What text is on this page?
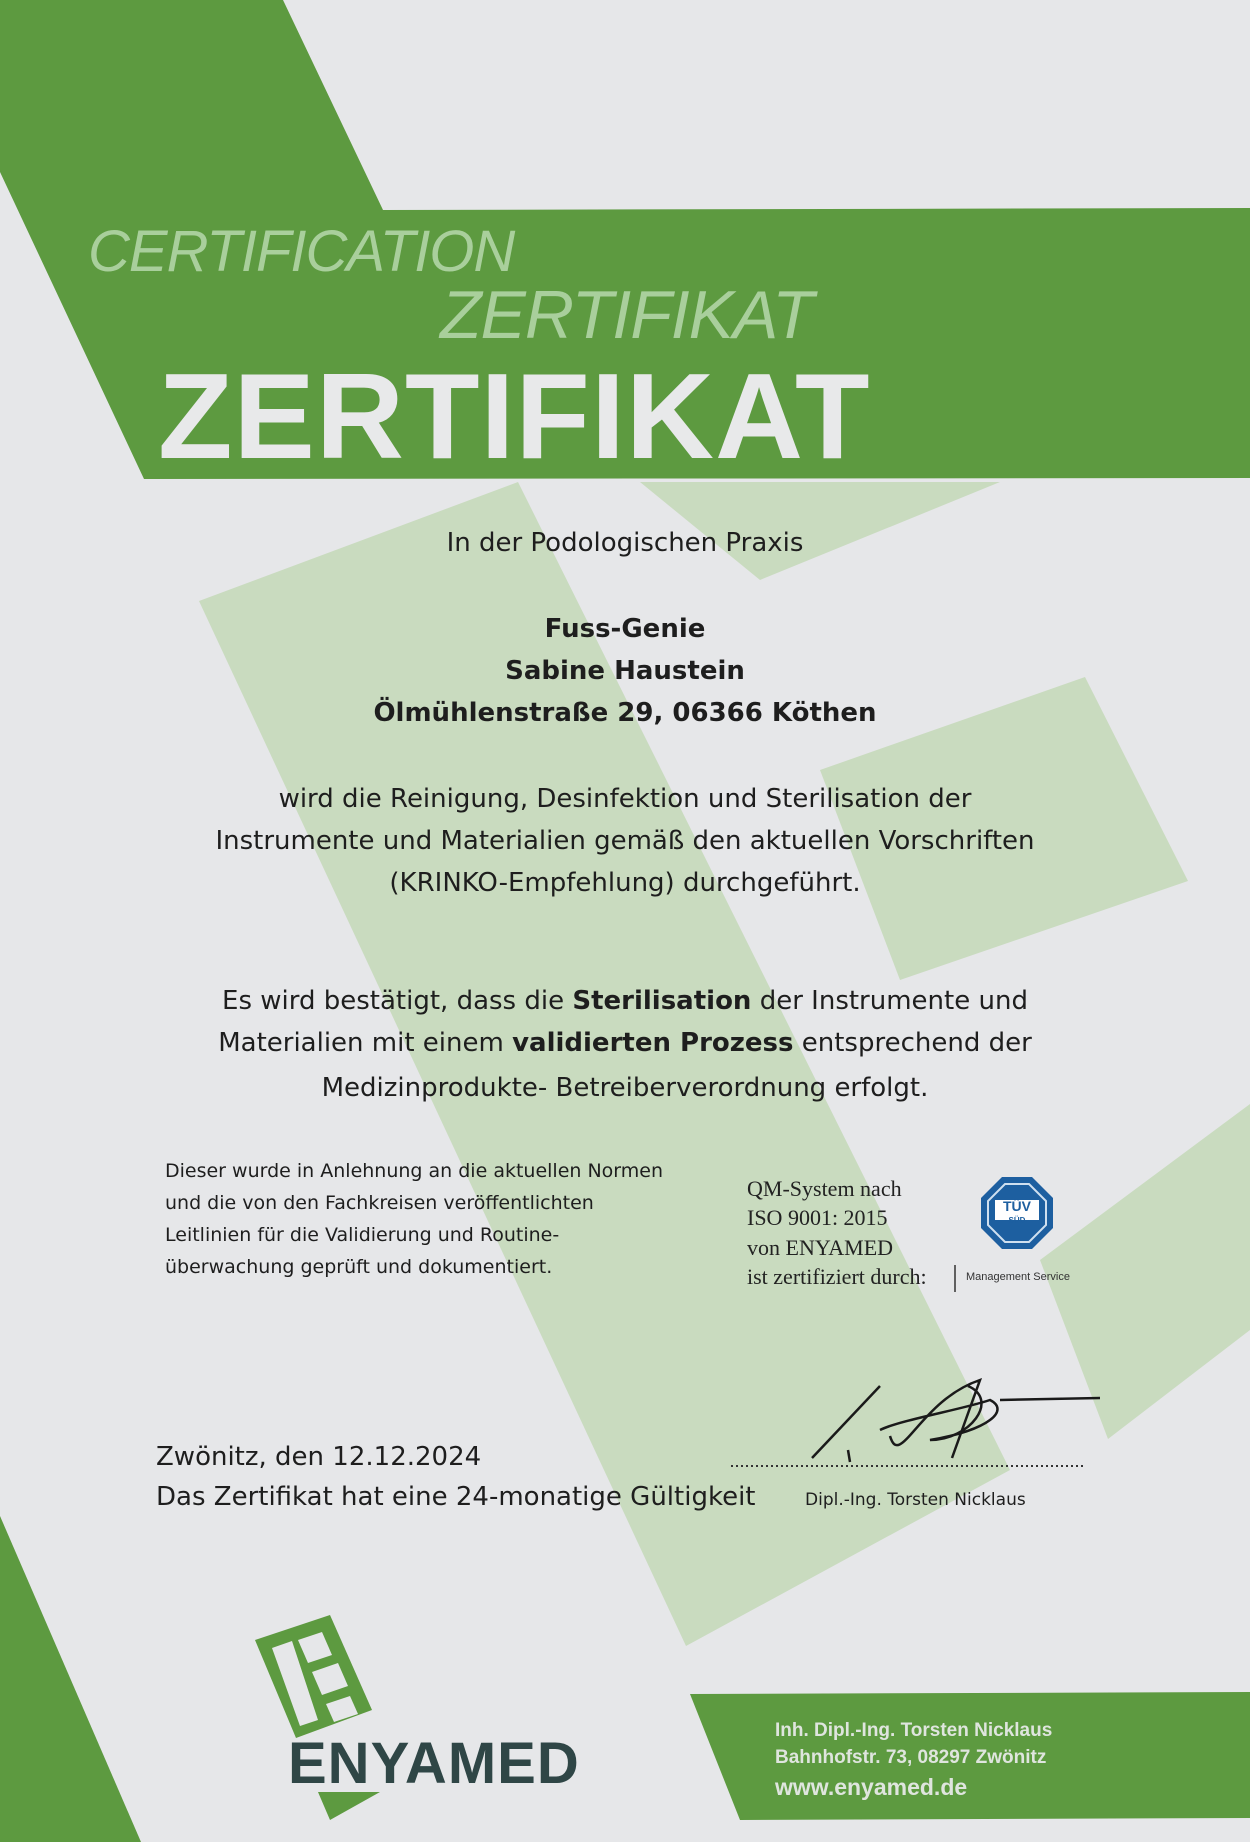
CERTIFICATION
ZERTIFIKAT
ZERTIFIKAT
In der Podologischen Praxis
Fuss-Genie
Sabine Haustein
Ölmühlenstraße 29, 06366 Köthen
wird die Reinigung, Desinfektion und Sterilisation der
Instrumente und Materialien gemäß den aktuellen Vorschriften
(KRINKO-Empfehlung) durchgeführt.
Es wird bestätigt, dass die Sterilisation der Instrumente und
Materialien mit einem validierten Prozess entsprechend der
Medizinprodukte- Betreiberverordnung erfolgt.
Dieser wurde in Anlehnung an die aktuellen Normen
und die von den Fachkreisen veröffentlichten
Leitlinien für die Validierung und Routine-
überwachung geprüft und dokumentiert.
QM-System nach
ISO 9001: 2015
von ENYAMED
ist zertifiziert durch:
TÜV
SÜD
Management Service
Zwönitz, den 12.12.2024
Das Zertifikat hat eine 24-monatige Gültigkeit	Dipl.-Ing. Torsten Nicklaus
ENYAMED
Inh. Dipl.-Ing. Torsten Nicklaus
Bahnhofstr. 73, 08297 Zwönitz
www.enyamed.de
